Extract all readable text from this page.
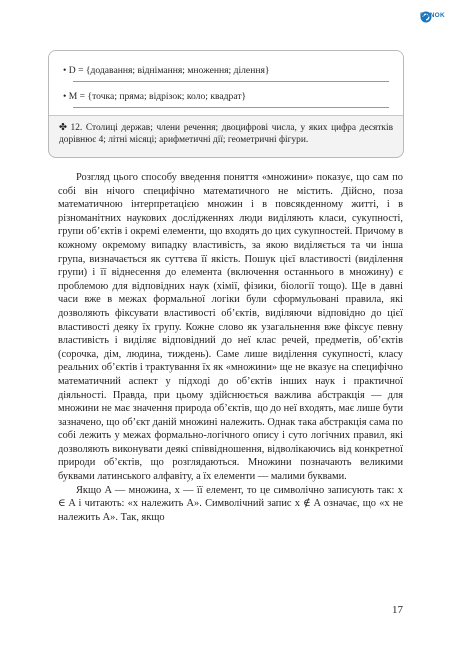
RANOK
• D = {додавання; віднімання; множення; ділення}
• M = {точка; пряма; відрізок; коло; квадрат}
✤ 12. Столиці держав; члени речення; двоцифрові числа, у яких цифра десятків дорівнює 4; літні місяці; арифметичні дії; геометричні фігури.

Розгляд цього способу введення поняття «множини» показує, що сам по собі він нічого специфічно математичного не містить. Дійсно, поза математичною інтерпретацією множин і в повсякденному житті, і в різноманітних наукових дослідженнях люди виділяють класи, сукупності, групи об’єктів і окремі елементи, що входять до цих сукупностей. Причому в кожному окремому випадку властивість, за якою виділяється та чи інша група, визначається як суттєва її якість. Пошук цієї властивості (виділення групи) і її віднесення до елемента (включення останнього в множину) є проблемою для відповідних наук (хімії, фізики, біології тощо). Ще в давні часи вже в межах формальної логіки були сформульовані правила, які дозволяють фіксувати властивості об’єктів, виділяючи відповідно до цієї властивості деяку їх групу. Кожне слово як узагальнення вже фіксує певну властивість і виділяє відповідний до неї клас речей, предметів, об’єктів (сорочка, дім, людина, тиждень). Саме лише виділення сукупності, класу реальних об’єктів і трактування їх як «множини» ще не вказує на специфічно математичний аспект у підході до об’єктів інших наук і практичної діяльності. Правда, при цьому здійснюється важлива абстракція — для множини не має значення природа об’єктів, що до неї входять, має лише бути зазначено, що об’єкт даній множині належить. Однак така абстракція сама по собі лежить у межах формально-логічного опису і суто логічних правил, які дозволяють виконувати деякі співвідношення, відволікаючись від конкретної природи об’єктів, що розглядаються. Множини позначають великими буквами латинського алфавіту, а їх елементи — малими буквами.

Якщо A — множина, x — її елемент, то це символічно записують так: x ∈ A і читають: «x належить A». Символічний запис x ∉ A означає, що «x не належить A». Так, якщо

17
